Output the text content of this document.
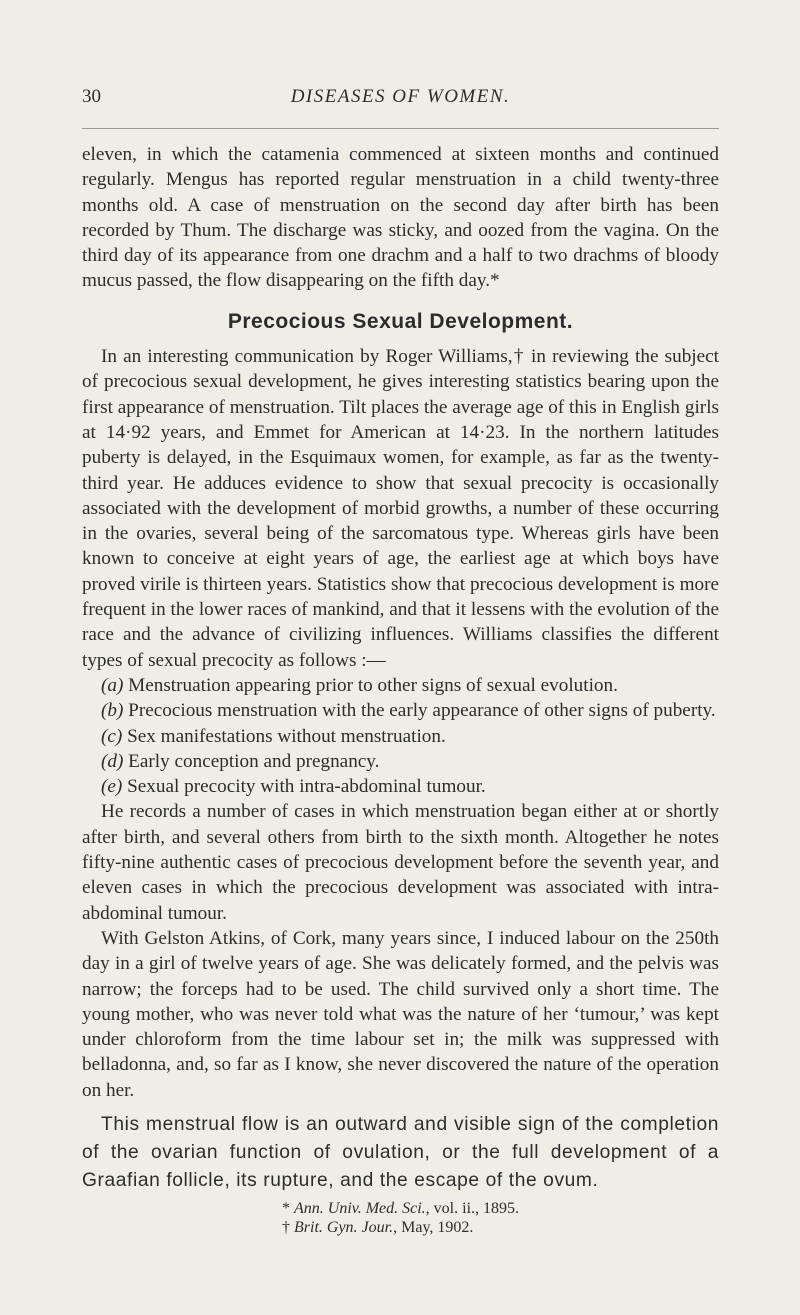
30	DISEASES OF WOMEN.

eleven, in which the catamenia commenced at sixteen months and continued regularly. Mengus has reported regular menstruation in a child twenty-three months old. A case of menstruation on the second day after birth has been recorded by Thum. The discharge was sticky, and oozed from the vagina. On the third day of its appearance from one drachm and a half to two drachms of bloody mucus passed, the flow disappearing on the fifth day.*

Precocious Sexual Development.

In an interesting communication by Roger Williams,† in reviewing the subject of precocious sexual development, he gives interesting statistics bearing upon the first appearance of menstruation. Tilt places the average age of this in English girls at 14·92 years, and Emmet for American at 14·23. In the northern latitudes puberty is delayed, in the Esquimaux women, for example, as far as the twenty-third year. He adduces evidence to show that sexual precocity is occasionally associated with the development of morbid growths, a number of these occurring in the ovaries, several being of the sarcomatous type. Whereas girls have been known to conceive at eight years of age, the earliest age at which boys have proved virile is thirteen years. Statistics show that precocious development is more frequent in the lower races of mankind, and that it lessens with the evolution of the race and the advance of civilizing influences. Williams classifies the different types of sexual precocity as follows :—

(a) Menstruation appearing prior to other signs of sexual evolution.

(b) Precocious menstruation with the early appearance of other signs of puberty.

(c) Sex manifestations without menstruation.

(d) Early conception and pregnancy.

(e) Sexual precocity with intra-abdominal tumour.

He records a number of cases in which menstruation began either at or shortly after birth, and several others from birth to the sixth month. Altogether he notes fifty-nine authentic cases of precocious development before the seventh year, and eleven cases in which the precocious development was associated with intra-abdominal tumour.

With Gelston Atkins, of Cork, many years since, I induced labour on the 250th day in a girl of twelve years of age. She was delicately formed, and the pelvis was narrow; the forceps had to be used. The child survived only a short time. The young mother, who was never told what was the nature of her ‘tumour,’ was kept under chloroform from the time labour set in; the milk was suppressed with belladonna, and, so far as I know, she never discovered the nature of the operation on her.

This menstrual flow is an outward and visible sign of the completion of the ovarian function of ovulation, or the full development of a Graafian follicle, its rupture, and the escape of the ovum.

* Ann. Univ. Med. Sci., vol. ii., 1895.
† Brit. Gyn. Jour., May, 1902.
